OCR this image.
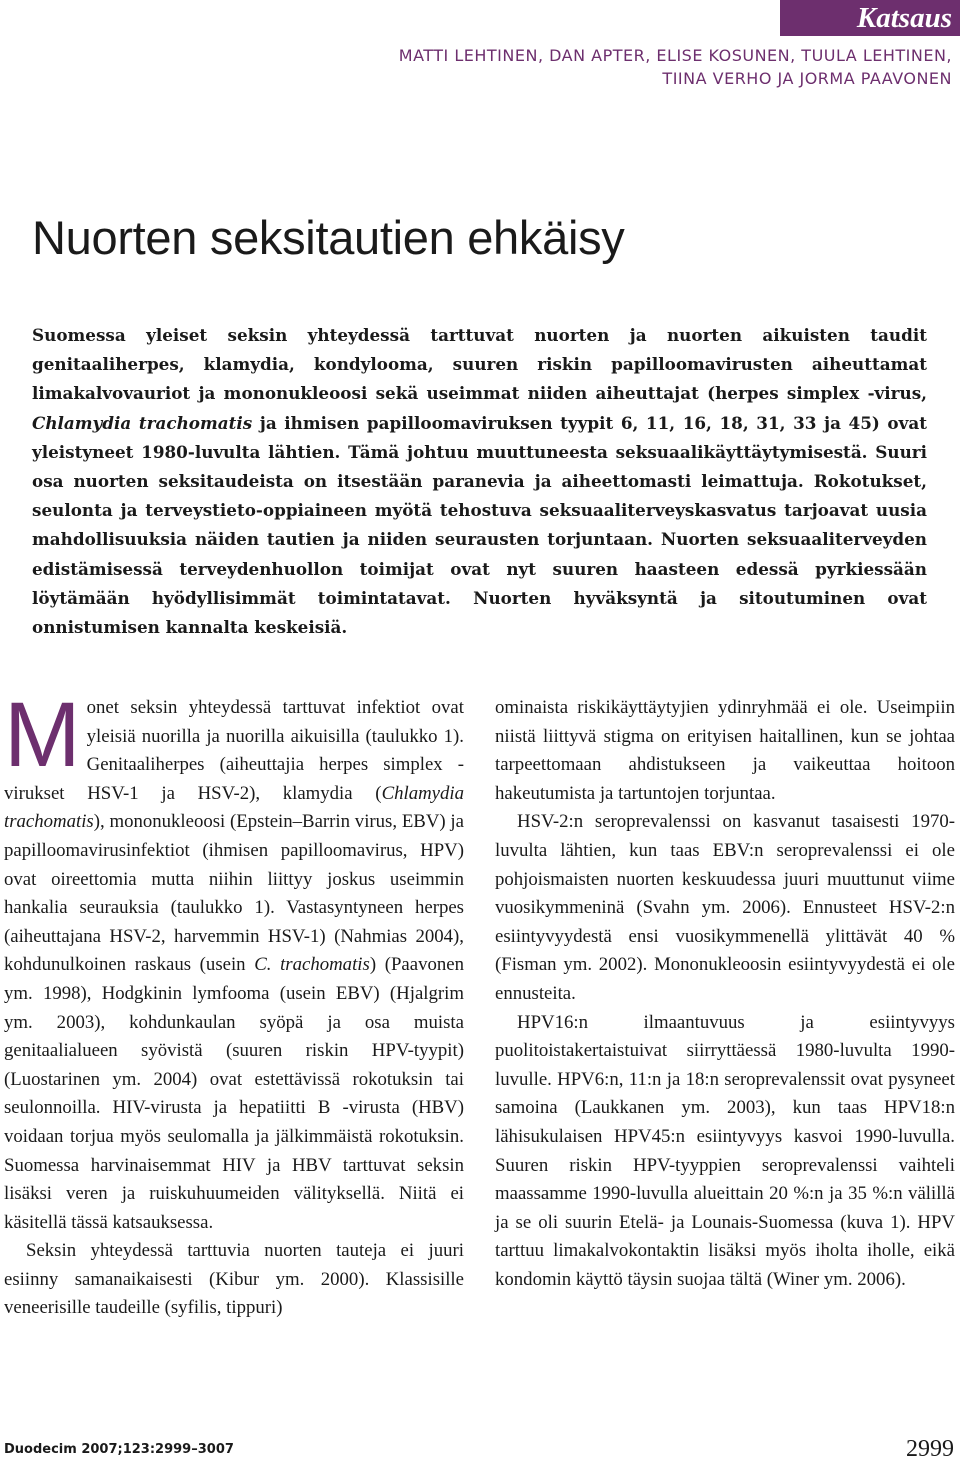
Katsaus
MATTI LEHTINEN, DAN APTER, ELISE KOSUNEN, TUULA LEHTINEN,
TIINA VERHO JA JORMA PAAVONEN
Nuorten seksitautien ehkäisy

Suomessa yleiset seksin yhteydessä tarttuvat nuorten ja nuorten aikuisten taudit genitaaliherpes, klamydia, kondylooma, suuren riskin papilloomavirusten aiheuttamat limakalvovauriot ja mononukleoosi sekä useimmat niiden aiheuttajat (herpes simplex -virus, Chlamydia trachomatis ja ihmisen papilloomaviruksen tyypit 6, 11, 16, 18, 31, 33 ja 45) ovat yleistyneet 1980-luvulta lähtien. Tämä johtuu muuttuneesta seksuaalikäyttäytymisestä. Suuri osa nuorten seksitaudeista on itsestään paranevia ja aiheettomasti leimattuja. Rokotukset, seulonta ja terveystieto-oppiaineen myötä tehostuva seksuaaliterveyskasvatus tarjoavat uusia mahdollisuuksia näiden tautien ja niiden seurausten torjuntaan. Nuorten seksuaaliterveyden edistämisessä terveydenhuollon toimijat ovat nyt suuren haasteen edessä pyrkiessään löytämään hyödyllisimmät toimintatavat. Nuorten hyväksyntä ja sitoutuminen ovat onnistumisen kannalta keskeisiä.

Monet seksin yhteydessä tarttuvat infektiot ovat yleisiä nuorilla ja nuorilla aikuisilla (taulukko 1). Genitaaliherpes (aiheuttajia herpes simplex -virukset HSV-1 ja HSV-2), klamydia (Chlamydia trachomatis), mononukleoosi (Epstein–Barrin virus, EBV) ja papilloomavirusinfektiot (ihmisen papilloomavirus, HPV) ovat oireettomia mutta niihin liittyy joskus useimmin hankalia seurauksia (taulukko 1). Vastasyntyneen herpes (aiheuttajana HSV-2, harvemmin HSV-1) (Nahmias 2004), kohdunulkoinen raskaus (usein C. trachomatis) (Paavonen ym. 1998), Hodgkinin lymfooma (usein EBV) (Hjalgrim ym. 2003), kohdunkaulan syöpä ja osa muista genitaalialueen syövistä (suuren riskin HPV-tyypit) (Luostarinen ym. 2004) ovat estettävissä rokotuksin tai seulonnoilla. HIV-virusta ja hepatiitti B -virusta (HBV) voidaan torjua myös seulomalla ja jälkimmäistä rokotuksin. Suomessa harvinaisemmat HIV ja HBV tarttuvat seksin lisäksi veren ja ruiskuhuumeiden välityksellä. Niitä ei käsitellä tässä katsauksessa.

Seksin yhteydessä tarttuvia nuorten tauteja ei juuri esiinny samanaikaisesti (Kibur ym. 2000). Klassisille veneerisille taudeille (syfilis, tippuri)

ominaista riskikäyttäytyjien ydinryhmää ei ole. Useimpiin niistä liittyvä stigma on erityisen haitallinen, kun se johtaa tarpeettomaan ahdistukseen ja vaikeuttaa hoitoon hakeutumista ja tartuntojen torjuntaa.

HSV-2:n seroprevalenssi on kasvanut tasaisesti 1970-luvulta lähtien, kun taas EBV:n seroprevalenssi ei ole pohjoismaisten nuorten keskuudessa juuri muuttunut viime vuosikymmeninä (Svahn ym. 2006). Ennusteet HSV-2:n esiintyvyydestä ensi vuosikymmenellä ylittävät 40 % (Fisman ym. 2002). Mononukleoosin esiintyvyydestä ei ole ennusteita.

HPV16:n ilmaantuvuus ja esiintyvyys puolitoistakertaistuivat siirryttäessä 1980-luvulta 1990-luvulle. HPV6:n, 11:n ja 18:n seroprevalenssit ovat pysyneet samoina (Laukkanen ym. 2003), kun taas HPV18:n lähisukulaisen HPV45:n esiintyvyys kasvoi 1990-luvulla. Suuren riskin HPV-tyyppien seroprevalenssi vaihteli maassamme 1990-luvulla alueittain 20 %:n ja 35 %:n välillä ja se oli suurin Etelä- ja Lounais-Suomessa (kuva 1). HPV tarttuu limakalvokontaktin lisäksi myös iholta iholle, eikä kondomin käyttö täysin suojaa tältä (Winer ym. 2006).

Duodecim 2007;123:2999–3007	2999
